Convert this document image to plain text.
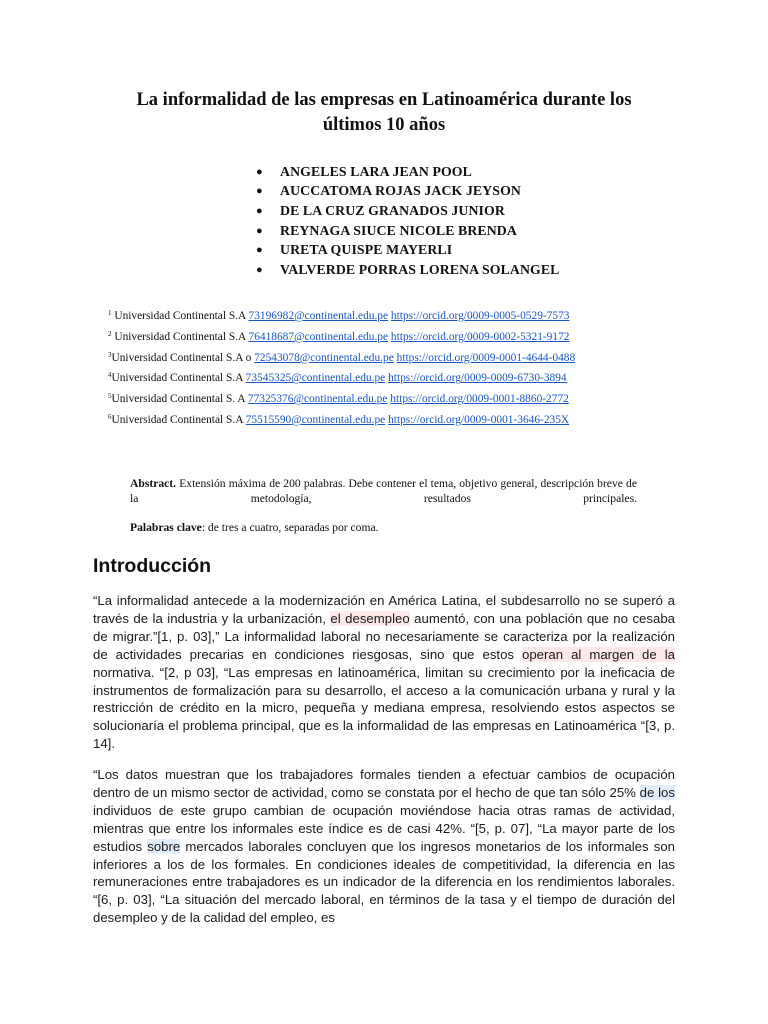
La informalidad de las empresas en Latinoamérica durante los
últimos 10 años
●	ANGELES LARA JEAN POOL
●	AUCCATOMA ROJAS JACK JEYSON
●	DE LA CRUZ GRANADOS JUNIOR
●	REYNAGA SIUCE NICOLE BRENDA
●	URETA QUISPE MAYERLI
●	VALVERDE PORRAS LORENA SOLANGEL
$^1$ Universidad Continental S.A 73196982@continental.edu.pe https://orcid.org/0009-0005-0529-7573
$^2$ Universidad Continental S.A 76418687@continental.edu.pe https://orcid.org/0009-0002-5321-9172
$^3$Universidad Continental S.A o 72543078@continental.edu.pe https://orcid.org/0009-0001-4644-0488
$^4$Universidad Continental S.A 73545325@continental.edu.pe https://orcid.org/0009-0009-6730-3894
$^5$Universidad Continental S. A 77325376@continental.edu.pe https://orcid.org/0009-0001-8860-2772
$^6$Universidad Continental S.A 75515590@continental.edu.pe https://orcid.org/0009-0001-3646-235X
Abstract. Extensión máxima de 200 palabras. Debe contener el tema, objetivo general, descripción breve de la metodología, resultados principales.
Palabras clave: de tres a cuatro, separadas por coma.
Introducción

“La informalidad antecede a la modernización en América Latina, el subdesarrollo no se superó a través de la industria y la urbanización, el desempleo aumentó, con una población que no cesaba de migrar.”[1, p. 03],” La informalidad laboral no necesariamente se caracteriza por la realización de actividades precarias en condiciones riesgosas, sino que estos operan al margen de la normativa. “[2, p 03], “Las empresas en latinoamérica, limitan su crecimiento por la ineficacia de instrumentos de formalización para su desarrollo, el acceso a la comunicación urbana y rural y la restricción de crédito en la micro, pequeña y mediana empresa, resolviendo estos aspectos se solucionaría el problema principal, que es la informalidad de las empresas en Latinoamérica “[3, p. 14].

“Los datos muestran que los trabajadores formales tienden a efectuar cambios de ocupación dentro de un mismo sector de actividad, como se constata por el hecho de que tan sólo 25% de los individuos de este grupo cambian de ocupación moviéndose hacia otras ramas de actividad, mientras que entre los informales este índice es de casi 42%. “[5, p. 07], “La mayor parte de los estudios sobre mercados laborales concluyen que los ingresos monetarios de los informales son inferiores a los de los formales. En condiciones ideales de competitividad, la diferencia en las remuneraciones entre trabajadores es un indicador de la diferencia en los rendimientos laborales. “[6, p. 03], “La situación del mercado laboral, en términos de la tasa y el tiempo de duración del desempleo y de la calidad del empleo, es
